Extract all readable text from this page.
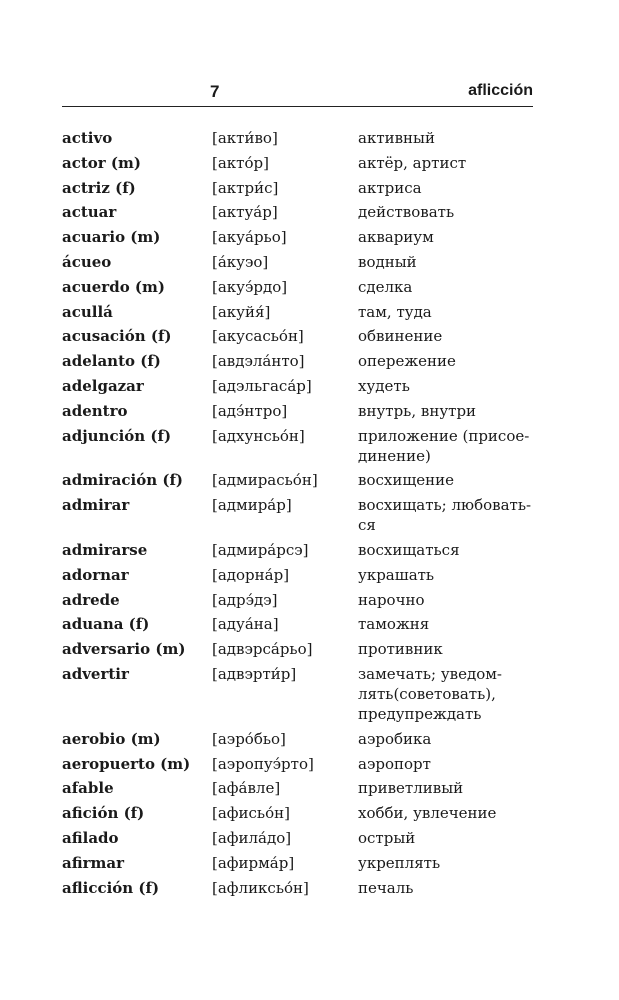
7	aflicción
activo	[акти́во]	активный
actor (m)	[акто́р]	актёр, артист
actriz (f)	[актри́с]	актриса
actuar	[актуа́р]	действовать
acuario (m)	[акуа́рьо]	аквариум
ácueo	[а́куэо]	водный
acuerdo (m)	[акуэ́рдо]	сделка
acullá	[акуйя́]	там, туда
acusación (f)	[акусасьо́н]	обвинение
adelanto (f)	[авдэла́нто]	опережение
adelgazar	[адэльгаса́р]	худеть
adentro	[адэ́нтро]	внутрь, внутри
adjunción (f)	[адхунсьо́н]	приложение (присое-
динение)
admiración (f)	[адмирасьо́н]	восхищение
admirar	[адмира́р]	восхищать; любовать-
ся
admirarse	[адмира́рсэ]	восхищаться
adornar	[адорна́р]	украшать
adrede	[адрэ́дэ]	нарочно
aduana (f)	[адуа́на]	таможня
adversario (m)	[адвэрса́рьо]	противник
advertir	[адвэрти́р]	замечать; уведом-
лять(советовать),
предупреждать
aerobio (m)	[аэро́бьо]	аэробика
aeropuerto (m)	[аэропуэ́рто]	аэропорт
afable	[афа́вле]	приветливый
afición (f)	[афисьо́н]	хобби, увлечение
afilado	[афила́до]	острый
afirmar	[афирма́р]	укреплять
aflicción (f)	[афликсьо́н]	печаль
